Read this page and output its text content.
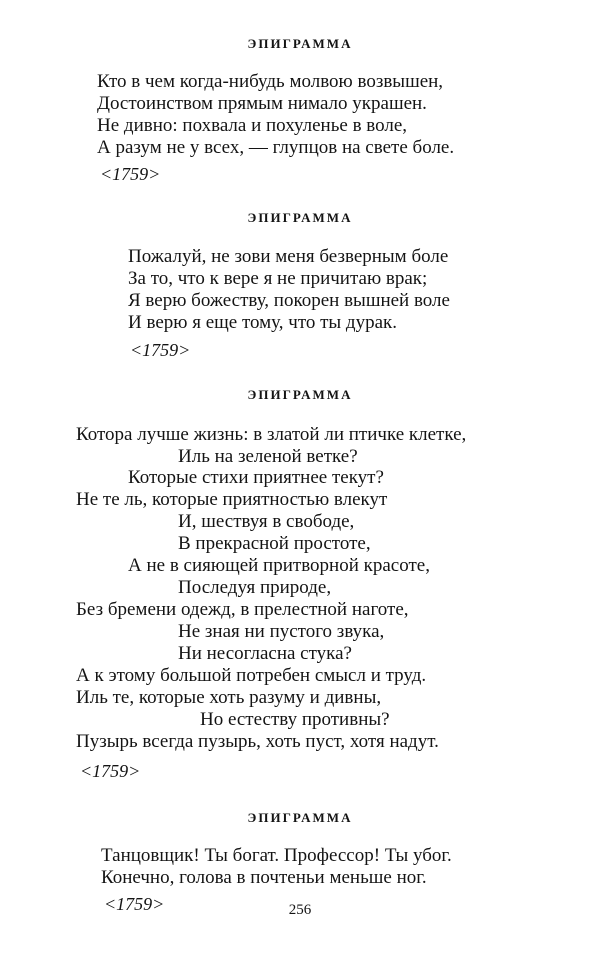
ЭПИГРАММА
Кто в чем когда-нибудь молвою возвышен,
Достоинством прямым нимало украшен.
Не дивно: похвала и похуленье в воле,
А разум не у всех, — глупцов на свете боле.
<1759>
ЭПИГРАММА
Пожалуй, не зови меня безверным боле
За то, что к вере я не причитаю врак;
Я верю божеству, покорен вышней воле
И верю я еще тому, что ты дурак.
<1759>
ЭПИГРАММА
Котора лучше жизнь: в златой ли птичке клетке,
Иль на зеленой ветке?
Которые стихи приятнее текут?
Не те ль, которые приятностью влекут
И, шествуя в свободе,
В прекрасной простоте,
А не в сияющей притворной красоте,
Последуя природе,
Без бремени одежд, в прелестной наготе,
Не зная ни пустого звука,
Ни несогласна стука?
А к этому большой потребен смысл и труд.
Иль те, которые хоть разуму и дивны,
Но естеству противны?
Пузырь всегда пузырь, хоть пуст, хотя надут.
<1759>
ЭПИГРАММА
Танцовщик! Ты богат. Профессор! Ты убог.
Конечно, голова в почтеньи меньше ног.
<1759>	256
